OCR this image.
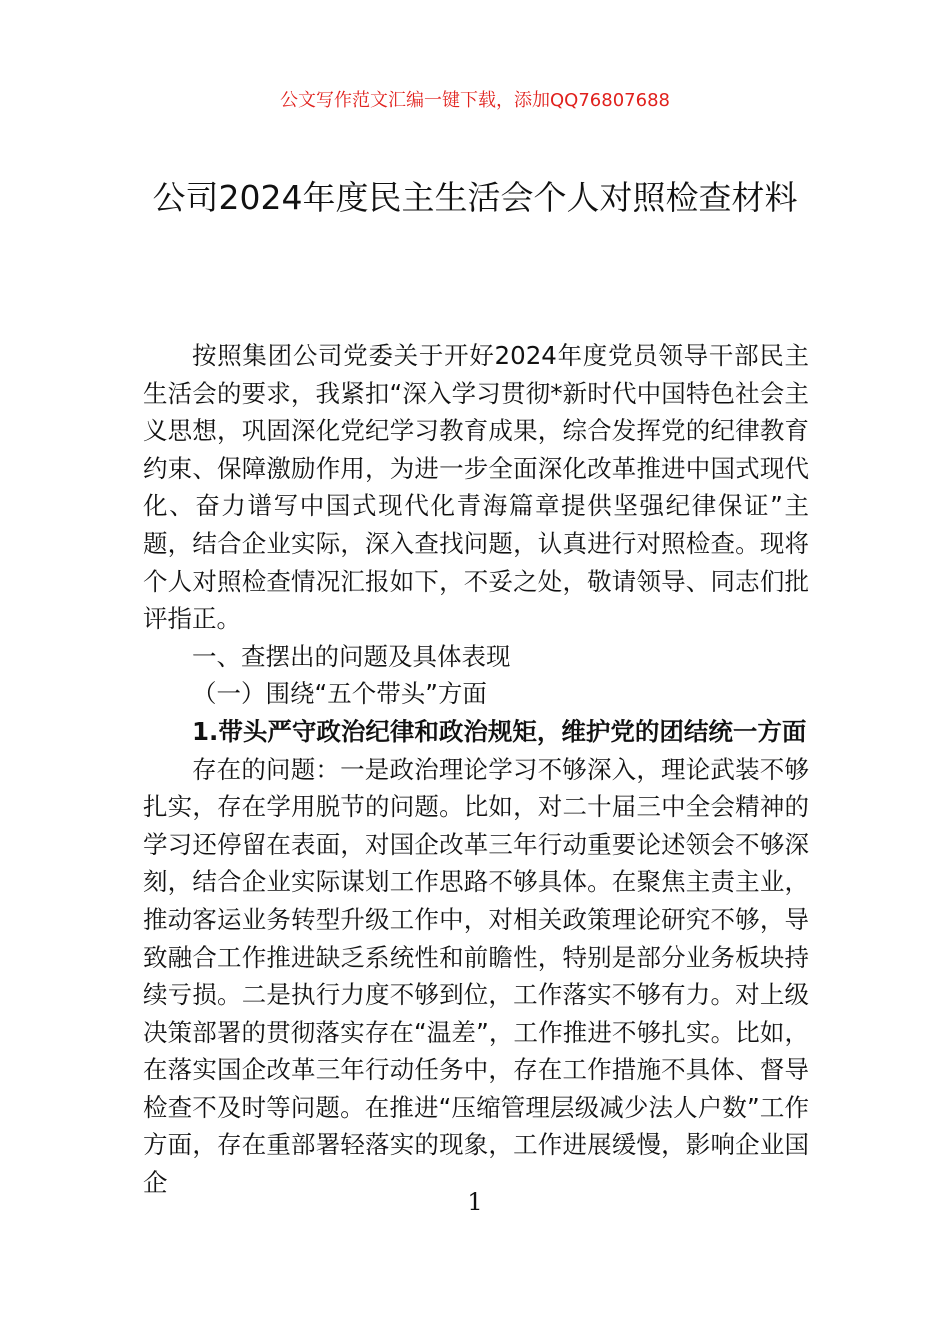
公文写作范文汇编一键下载，添加QQ76807688
公司2024年度民主生活会个人对照检查材料

按照集团公司党委关于开好2024年度党员领导干部民主生活会的要求，我紧扣“深入学习贯彻*新时代中国特色社会主义思想，巩固深化党纪学习教育成果，综合发挥党的纪律教育约束、保障激励作用，为进一步全面深化改革推进中国式现代化、奋力谱写中国式现代化青海篇章提供坚强纪律保证”主题，结合企业实际，深入查找问题，认真进行对照检查。现将个人对照检查情况汇报如下，不妥之处，敬请领导、同志们批评指正。

一、查摆出的问题及具体表现

（一）围绕“五个带头”方面

1.带头严守政治纪律和政治规矩，维护党的团结统一方面

存在的问题：一是政治理论学习不够深入，理论武装不够扎实，存在学用脱节的问题。比如，对二十届三中全会精神的学习还停留在表面，对国企改革三年行动重要论述领会不够深刻，结合企业实际谋划工作思路不够具体。在聚焦主责主业，推动客运业务转型升级工作中，对相关政策理论研究不够，导致融合工作推进缺乏系统性和前瞻性，特别是部分业务板块持续亏损。二是执行力度不够到位，工作落实不够有力。对上级决策部署的贯彻落实存在“温差”，工作推进不够扎实。比如，在落实国企改革三年行动任务中，存在工作措施不具体、督导检查不及时等问题。在推进“压缩管理层级减少法人户数”工作方面，存在重部署轻落实的现象，工作进展缓慢，影响企业国企

1
